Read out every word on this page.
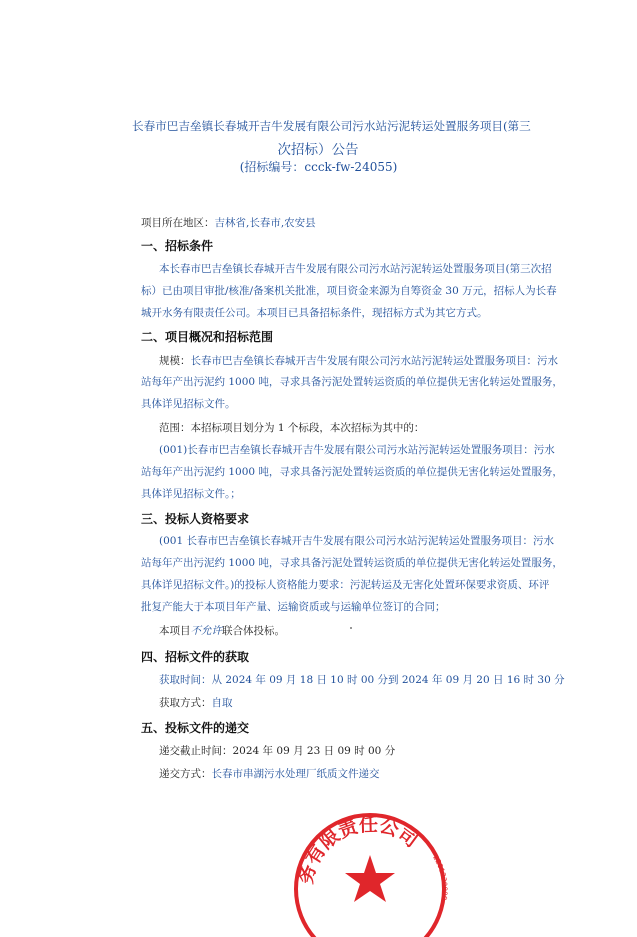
长春市巴吉垒镇长春城开吉牛发展有限公司污水站污泥转运处置服务项目(第三
次招标）公告
(招标编号：ccck-fw-24055)
项目所在地区：吉林省,长春市,农安县
一、招标条件
本长春市巴吉垒镇长春城开吉牛发展有限公司污水站污泥转运处置服务项目(第三次招
标）已由项目审批/核准/备案机关批准，项目资金来源为自筹资金 30 万元，招标人为长春
城开水务有限责任公司。本项目已具备招标条件，现招标方式为其它方式。
二、项目概况和招标范围
规模：长春市巴吉垒镇长春城开吉牛发展有限公司污水站污泥转运处置服务项目：污水
站每年产出污泥约 1000 吨，寻求具备污泥处置转运资质的单位提供无害化转运处置服务，
具体详见招标文件。
范围：本招标项目划分为 1 个标段，本次招标为其中的：
(001)长春市巴吉垒镇长春城开吉牛发展有限公司污水站污泥转运处置服务项目：污水
站每年产出污泥约 1000 吨，寻求具备污泥处置转运资质的单位提供无害化转运处置服务，
具体详见招标文件。；
三、投标人资格要求
(001 长春市巴吉垒镇长春城开吉牛发展有限公司污水站污泥转运处置服务项目：污水
站每年产出污泥约 1000 吨，寻求具备污泥处置转运资质的单位提供无害化转运处置服务，
具体详见招标文件。)的投标人资格能力要求：污泥转运及无害化处置环保要求资质、环评
批复产能大于本项目年产量、运输资质或与运输单位签订的合同；
本项目不允许联合体投标。
四、招标文件的获取
获取时间：从 2024 年 09 月 18 日 10 时 00 分到 2024 年 09 月 20 日 16 时 30 分
获取方式：自取
五、投标文件的递交
递交截止时间：2024 年 09 月 23 日 09 时 00 分
递交方式：长春市串湖污水处理厂纸质文件递交
务有限责任公司
2201230009
